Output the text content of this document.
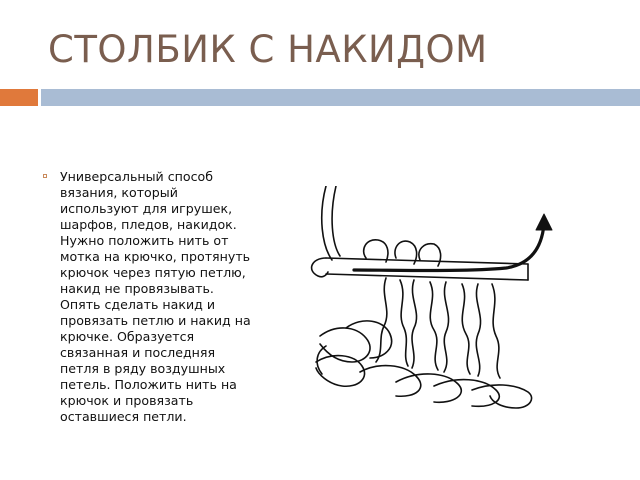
СТОЛБИК С НАКИДОМ

Универсальный способ
вязания, который
используют для игрушек,
шарфов, пледов, накидок.
Нужно положить нить от
мотка на крючко, протянуть
крючок через пятую петлю,
накид не провязывать.
Опять сделать накид и
провязать петлю и накид на
крючке. Образуется
связанная и последняя
петля в ряду воздушных
петель. Положить нить на
крючок и провязать
оставшиеся петли.
